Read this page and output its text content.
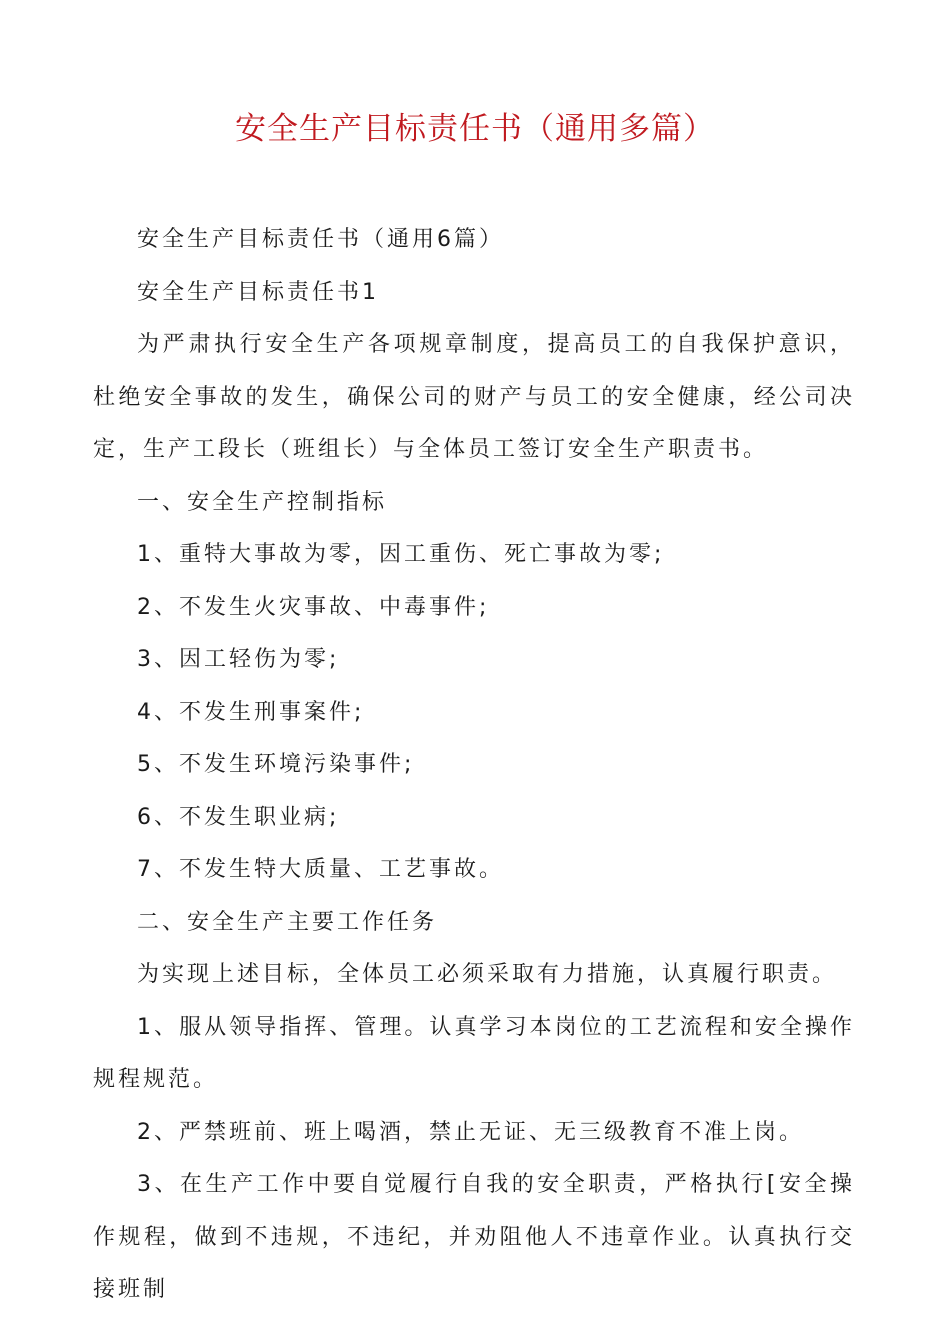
安全生产目标责任书（通用多篇）

安全生产目标责任书（通用6篇）

安全生产目标责任书1

为严肃执行安全生产各项规章制度，提高员工的自我保护意识，杜绝安全事故的发生，确保公司的财产与员工的安全健康，经公司决定，生产工段长（班组长）与全体员工签订安全生产职责书。

一、安全生产控制指标

1、重特大事故为零，因工重伤、死亡事故为零;

2、不发生火灾事故、中毒事件;

3、因工轻伤为零;

4、不发生刑事案件;

5、不发生环境污染事件;

6、不发生职业病;

7、不发生特大质量、工艺事故。

二、安全生产主要工作任务

为实现上述目标，全体员工必须采取有力措施，认真履行职责。

1、服从领导指挥、管理。认真学习本岗位的工艺流程和安全操作规程规范。

2、严禁班前、班上喝酒，禁止无证、无三级教育不准上岗。

3、在生产工作中要自觉履行自我的安全职责，严格执行[安全操作规程，做到不违规，不违纪，并劝阻他人不违章作业。认真执行交接班制
